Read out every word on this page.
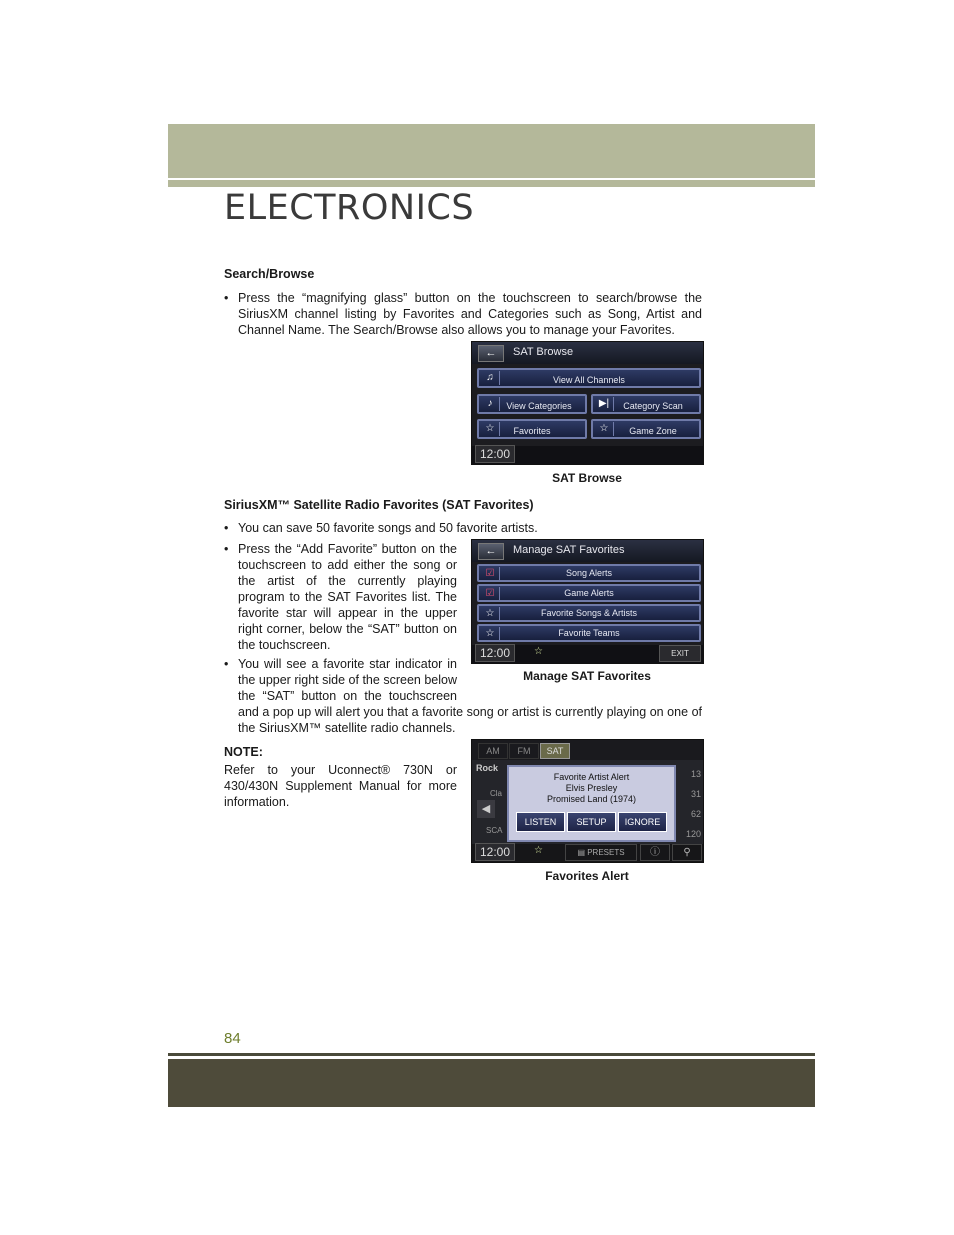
ELECTRONICS
Search/Browse
• Press the “magnifying glass” button on the touchscreen to search/browse the SiriusXM channel listing by Favorites and Categories such as Song, Artist and Channel Name. The Search/Browse also allows you to manage your Favorites.
←	SAT Browse
♫	View All Channels
♪	View Categories	▶|	Category Scan
☆	Favorites	☆	Game Zone
12:00
SAT Browse
SiriusXM™ Satellite Radio Favorites (SAT Favorites)
• You can save 50 favorite songs and 50 favorite artists.
• Press the “Add Favorite” button on the touchscreen to add either the song or the artist of the currently playing program to the SAT Favorites list. The favorite star will appear in the upper right corner, below the “SAT” button on the touchscreen.
• You will see a favorite star indicator in the upper right side of the screen below the “SAT” button on the touchscreen and a pop up will alert you that a favorite song or artist is currently playing on one of the SiriusXM™ satellite radio channels.
←	Manage SAT Favorites
☑	Song Alerts
☑	Game Alerts
☆	Favorite Songs & Artists
☆	Favorite Teams
12:00	☆	EXIT
Manage SAT Favorites
NOTE:
Refer to your Uconnect® 730N or 430/430N Supplement Manual for more information.
AM	FM	SAT
Rock
Cla
◀
SCA
13
31
62
120
Favorite Artist Alert
Elvis Presley
Promised Land (1974)
LISTEN	SETUP	IGNORE
12:00	☆	▤ PRESETS	ⓘ	⚲
Favorites Alert
84
